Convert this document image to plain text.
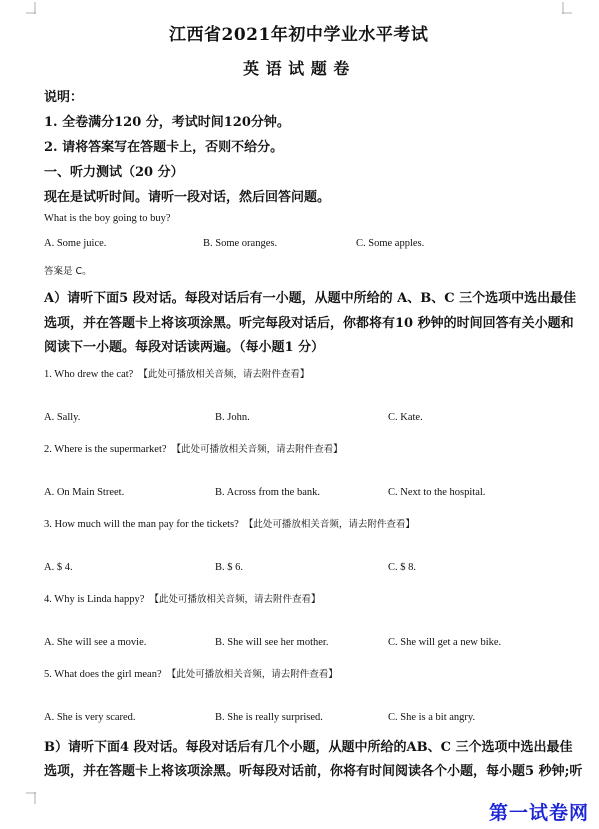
江西省2021年初中学业水平考试
英 语 试 题 卷
说明：
1. 全卷满分120 分，考试时间120分钟。
2. 请将答案写在答题卡上，否则不给分。
一、听力测试（20 分）
现在是试听时间。请听一段对话，然后回答问题。
What is the boy going to buy?
A. Some juice.	B. Some oranges.	C. Some apples.
答案是 C。
A）请听下面5 段对话。每段对话后有一小题，从题中所给的 A、B、C 三个选项中选出最佳
选项，并在答题卡上将该项涂黑。听完每段对话后，你都将有10 秒钟的时间回答有关小题和
阅读下一小题。每段对话读两遍。（每小题1 分）
1. Who drew the cat? 【此处可播放相关音频，请去附件查看】
A. Sally.	B. John.	C. Kate.
2. Where is the supermarket? 【此处可播放相关音频，请去附件查看】
A. On Main Street.	B. Across from the bank.	C. Next to the hospital.
3. How much will the man pay for the tickets? 【此处可播放相关音频，请去附件查看】
A. $ 4.	B. $ 6.	C. $ 8.
4. Why is Linda happy? 【此处可播放相关音频，请去附件查看】
A. She will see a movie.	B. She will see her mother.	C. She will get a new bike.
5. What does the girl mean? 【此处可播放相关音频，请去附件查看】
A. She is very scared.	B. She is really surprised.	C. She is a bit angry.
B）请听下面4 段对话。每段对话后有几个小题，从题中所给的AB、C 三个选项中选出最佳
选项，并在答题卡上将该项涂黑。听每段对话前，你将有时间阅读各个小题，每小题5 秒钟;听
第一试卷网
